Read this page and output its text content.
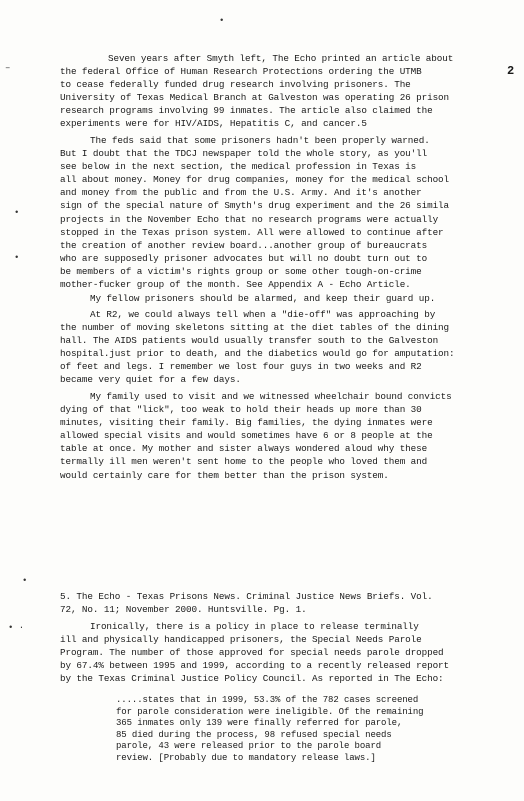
•
–
•
•
•
• ·
2

Seven years after Smyth left, The Echo printed an article about
the federal Office of Human Research Protections ordering the UTMB
to cease federally funded drug research involving prisoners. The
University of Texas Medical Branch at Galveston was operating 26 prison
research programs involving 99 inmates. The article also claimed the
experiments were for HIV/AIDS, Hepatitis C, and cancer.5

The feds said that some prisoners hadn't been properly warned.
But I doubt that the TDCJ newspaper told the whole story, as you'll
see below in the next section, the medical profession in Texas is
all about money. Money for drug companies, money for the medical school
and money from the public and from the U.S. Army. And it's another
sign of the special nature of Smyth's drug experiment and the 26 simila
projects in the November Echo that no research programs were actually
stopped in the Texas prison system. All were allowed to continue after
the creation of another review board...another group of bureaucrats
who are supposedly prisoner advocates but will no doubt turn out to
be members of a victim's rights group or some other tough-on-crime
mother-fucker group of the month. See Appendix A - Echo Article.

My fellow prisoners should be alarmed, and keep their guard up.

At R2, we could always tell when a "die-off" was approaching by
the number of moving skeletons sitting at the diet tables of the dining
hall. The AIDS patients would usually transfer south to the Galveston
hospital.just prior to death, and the diabetics would go for amputation:
of feet and legs. I remember we lost four guys in two weeks and R2
became very quiet for a few days.

My family used to visit and we witnessed wheelchair bound convicts
dying of that "lick", too weak to hold their heads up more than 30
minutes, visiting their family. Big families, the dying inmates were
allowed special visits and would sometimes have 6 or 8 people at the
table at once. My mother and sister always wondered aloud why these
termally ill men weren't sent home to the people who loved them and
would certainly care for them better than the prison system.

5. The Echo - Texas Prisons News. Criminal Justice News Briefs. Vol.
72, No. 11; November 2000. Huntsville. Pg. 1.

Ironically, there is a policy in place to release terminally
ill and physically handicapped prisoners, the Special Needs Parole
Program. The number of those approved for special needs parole dropped
by 67.4% between 1995 and 1999, according to a recently released report
by the Texas Criminal Justice Policy Council. As reported in The Echo:

.....states that in 1999, 53.3% of the 782 cases screened
for parole consideration were ineligible. Of the remaining
365 inmates only 139 were finally referred for parole,
85 died during the process, 98 refused special needs
parole, 43 were released prior to the parole board
review. [Probably due to mandatory release laws.]
